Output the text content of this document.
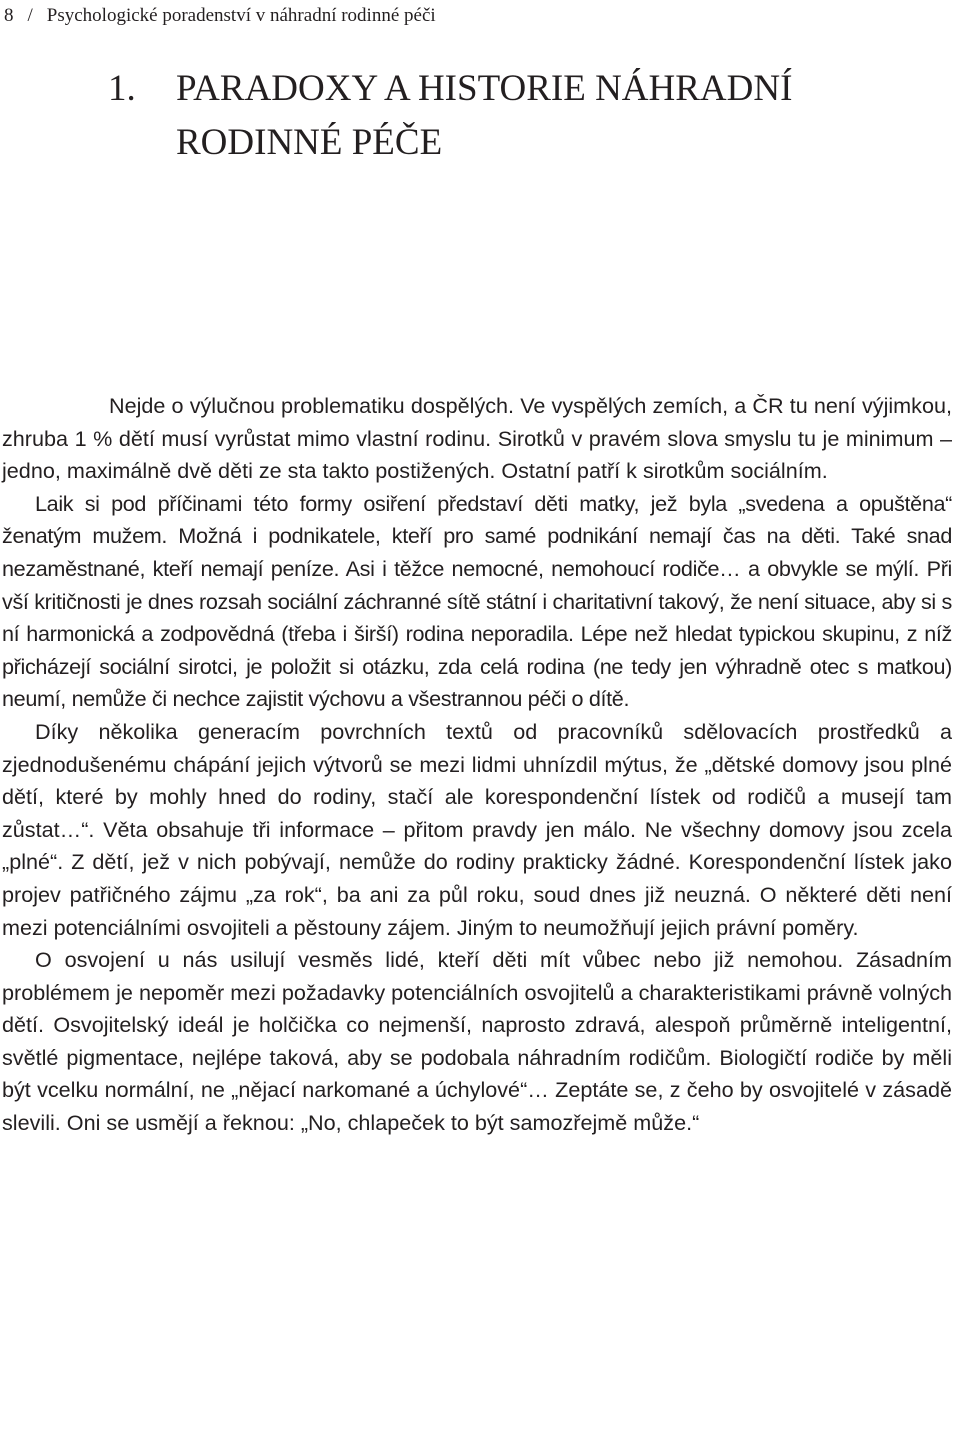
8 / Psychologické poradenství v náhradní rodinné péči
1. PARADOXY A HISTORIE NÁHRADNÍ
RODINNÉ PÉČE

Nejde o výlučnou problematiku dospělých. Ve vyspělých zemích, a ČR tu není výjimkou, zhruba 1 % dětí musí vyrůstat mimo vlastní rodinu. Sirotků v pravém slova smyslu tu je minimum – jedno, maximálně dvě děti ze sta takto postižených. Ostatní patří k sirotkům sociálním.

Laik si pod příčinami této formy osiření představí děti matky, jež byla „svedena a opuštěna“ ženatým mužem. Možná i podnikatele, kteří pro samé podnikání nemají čas na děti. Také snad nezaměstnané, kteří nemají peníze. Asi i těžce nemocné, nemohoucí rodiče… a obvykle se mýlí. Při vší kritičnosti je dnes rozsah sociální záchranné sítě státní i charitativní takový, že není situace, aby si s ní harmonická a zodpovědná (třeba i širší) rodina neporadila. Lépe než hledat typickou skupinu, z níž přicházejí sociální sirotci, je položit si otázku, zda celá rodina (ne tedy jen výhradně otec s matkou) neumí, nemůže či nechce zajistit výchovu a všestrannou péči o dítě.

Díky několika generacím povrchních textů od pracovníků sdělovacích prostředků a zjednodušenému chápání jejich výtvorů se mezi lidmi uhnízdil mýtus, že „dětské domovy jsou plné dětí, které by mohly hned do rodiny, stačí ale korespondenční lístek od rodičů a musejí tam zůstat…“. Věta obsahuje tři informace – přitom pravdy jen málo. Ne všechny domovy jsou zcela „plné“. Z dětí, jež v nich pobývají, nemůže do rodiny prakticky žádné. Korespondenční lístek jako projev patřičného zájmu „za rok“, ba ani za půl roku, soud dnes již neuzná. O některé děti není mezi potenciálními osvojiteli a pěstouny zájem. Jiným to neumožňují jejich právní poměry.

O osvojení u nás usilují vesměs lidé, kteří děti mít vůbec nebo již nemohou. Zásadním problémem je nepoměr mezi požadavky potenciálních osvojitelů a charakteristikami právně volných dětí. Osvojitelský ideál je holčička co nejmenší, naprosto zdravá, alespoň průměrně inteligentní, světlé pigmentace, nejlépe taková, aby se podobala náhradním rodičům. Biologičtí rodiče by měli být vcelku normální, ne „nějací narkomané a úchylové“… Zeptáte se, z čeho by osvojitelé v zásadě slevili. Oni se usmějí a řeknou: „No, chlapeček to být samozřejmě může.“
